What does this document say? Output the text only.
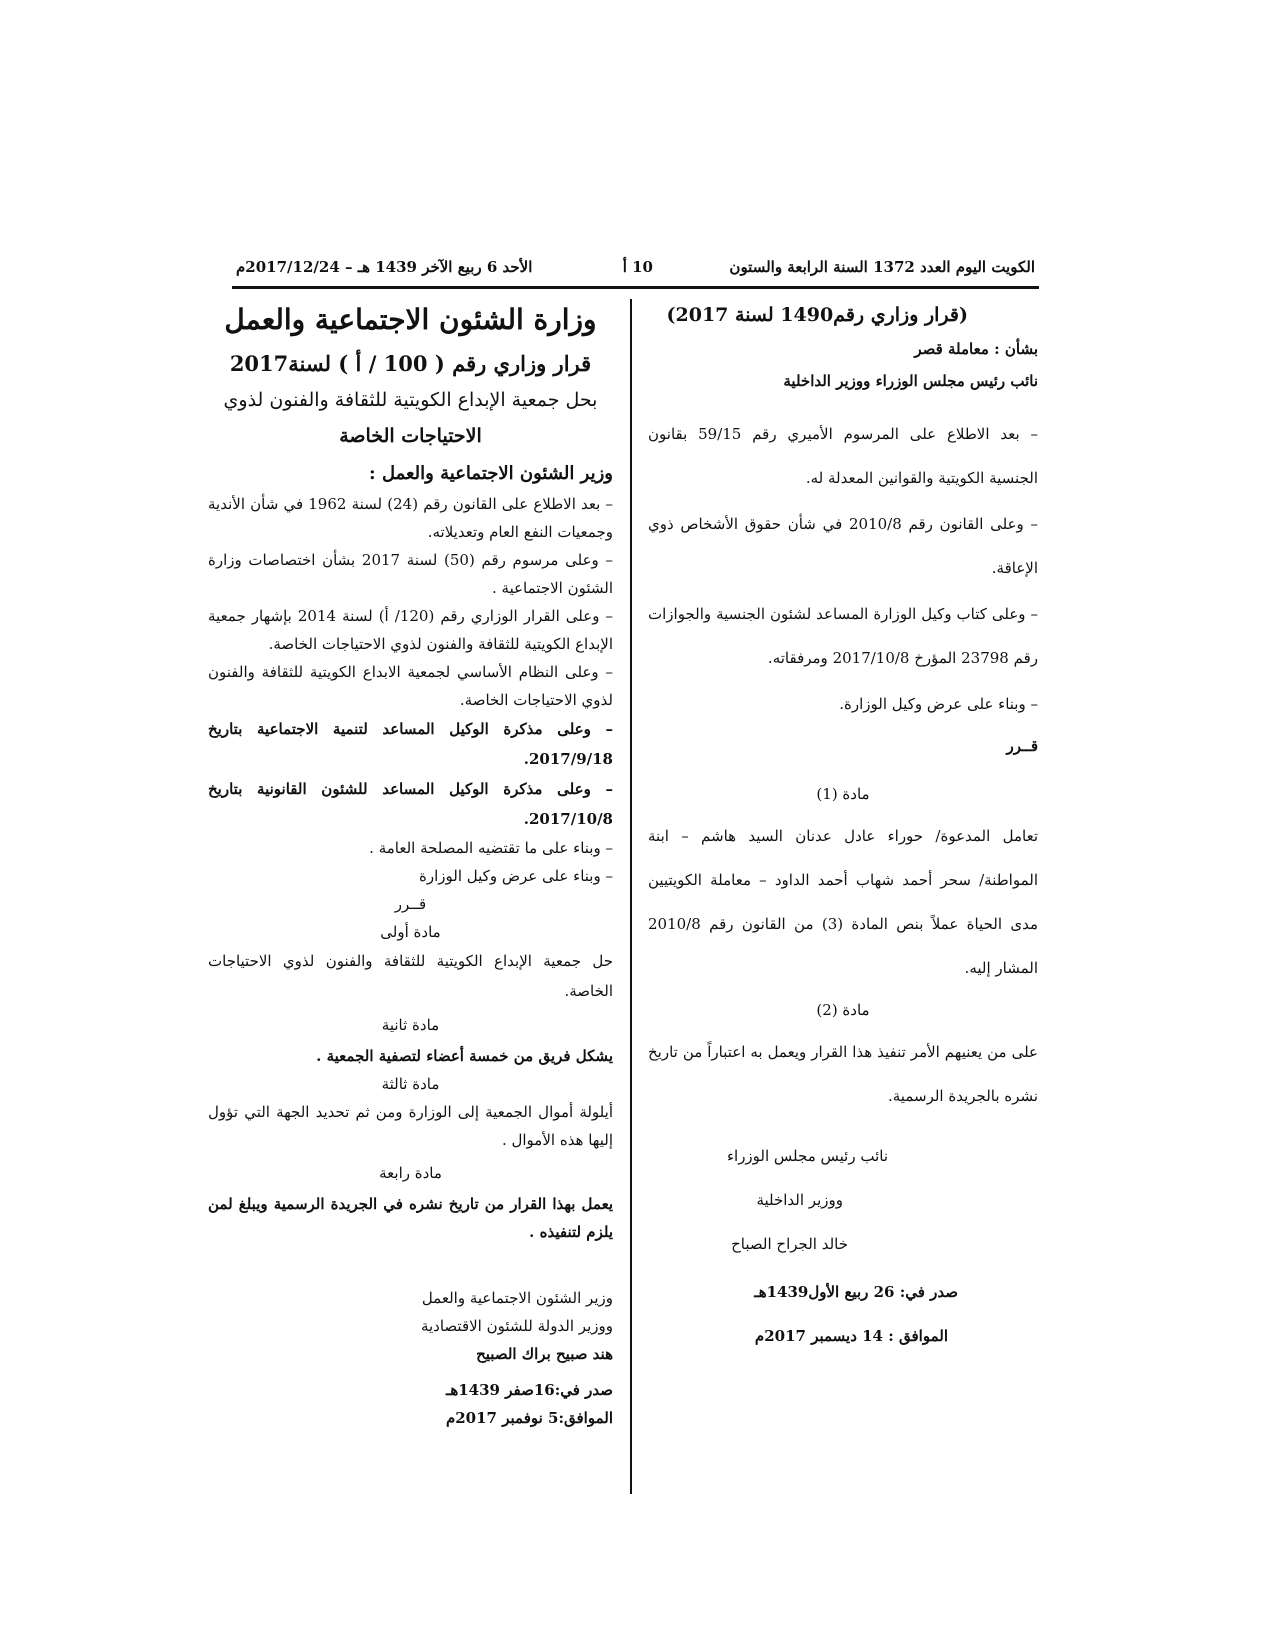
الكويت اليوم العدد 1372 السنة الرابعة والستون
10 أ
الأحد 6 ربيع الآخر 1439 هـ – 2017/12/24م

(قرار وزاري رقم1490 لسنة 2017)

بشأن : معاملة قصر

نائب رئيس مجلس الوزراء ووزير الداخلية

– بعد الاطلاع على المرسوم الأميري رقم 59/15 بقانون الجنسية الكويتية والقوانين المعدلة له.

– وعلى القانون رقم 2010/8 في شأن حقوق الأشخاص ذوي الإعاقة.

– وعلى كتاب وكيل الوزارة المساعد لشئون الجنسية والجوازات رقم 23798 المؤرخ 2017/10/8 ومرفقاته.

– وبناء على عرض وكيل الوزارة.

قــرر

مادة (1)

تعامل المدعوة/ حوراء عادل عدنان السيد هاشم – ابنة المواطنة/ سحر أحمد شهاب أحمد الداود – معاملة الكويتيين مدى الحياة عملاً بنص المادة (3) من القانون رقم 2010/8 المشار إليه.

مادة (2)

على من يعنيهم الأمر تنفيذ هذا القرار ويعمل به اعتباراً من تاريخ نشره بالجريدة الرسمية.

نائب رئيس مجلس الوزراء

ووزير الداخلية

خالد الجراح الصباح

صدر في: 26 ربيع الأول1439هـ

الموافق : 14 ديسمبر 2017م

وزارة الشئون الاجتماعية والعمل

قرار وزاري رقم ( 100 / أ ) لسنة2017

بحل جمعية الإبداع الكويتية للثقافة والفنون لذوي

الاحتياجات الخاصة

وزير الشئون الاجتماعية والعمل :

– بعد الاطلاع على القانون رقم (24) لسنة 1962 في شأن الأندية وجمعيات النفع العام وتعديلاته.

– وعلى مرسوم رقم (50) لسنة 2017 بشأن اختصاصات وزارة الشئون الاجتماعية .

– وعلى القرار الوزاري رقم (120/ أ) لسنة 2014 بإشهار جمعية الإبداع الكويتية للثقافة والفنون لذوي الاحتياجات الخاصة.

– وعلى النظام الأساسي لجمعية الابداع الكويتية للثقافة والفنون لذوي الاحتياجات الخاصة.

– وعلى مذكرة الوكيل المساعد لتنمية الاجتماعية بتاريخ 2017/9/18.

– وعلى مذكرة الوكيل المساعد للشئون القانونية بتاريخ 2017/10/8.

– وبناء على ما تقتضيه المصلحة العامة .

– وبناء على عرض وكيل الوزارة

قــرر

مادة أولى

حل جمعية الإبداع الكويتية للثقافة والفنون لذوي الاحتياجات الخاصة.

مادة ثانية

يشكل فريق من خمسة أعضاء لتصفية الجمعية .

مادة ثالثة

أيلولة أموال الجمعية إلى الوزارة ومن ثم تحديد الجهة التي تؤول إليها هذه الأموال .

مادة رابعة

يعمل بهذا القرار من تاريخ نشره في الجريدة الرسمية ويبلغ لمن يلزم لتنفيذه .

وزير الشئون الاجتماعية والعمل

ووزير الدولة للشئون الاقتصادية

هند صبيح براك الصبيح

صدر في:16صفر 1439هـ

الموافق:5 نوفمبر 2017م
